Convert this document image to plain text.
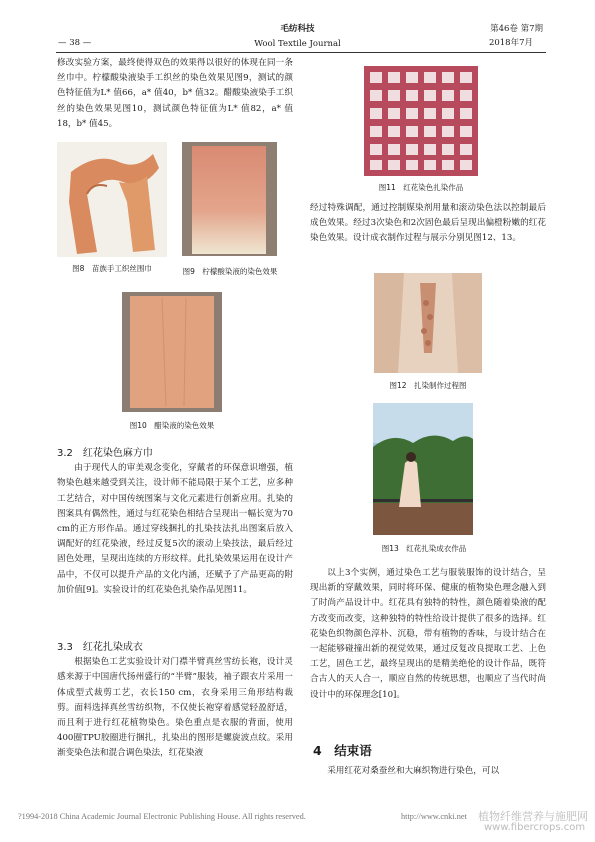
毛纺科技
— 38 —	Wool Textile Journal
第46卷 第7期
2018年7月

修改实验方案，最终使得双色的效果得以很好的体现在同一条丝巾中。柠檬酸染液染手工织丝的染色效果见图9，测试的颜色特征值为L* 值66，a* 值40，b* 值32。醋酸染液染手工织丝的染色效果见图10，测试颜色特征值为L* 值82，a* 值18，b* 值45。

图8　苗族手工织丝围巾	图9　柠檬酸染液的染色效果
图10　醋染液的染色效果

3.2　 红花染色麻方巾

由于现代人的审美观念变化，穿戴者的环保意识增强，植物染色越来越受到关注，设计师不能局限于某个工艺，应多种工艺结合，对中国传统图案与文化元素进行创新应用。扎染的图案具有偶然性，通过与红花染色相结合呈现出一幅长宽为70 cm的正方形作品。通过穿线捆扎的扎染技法扎出图案后放入调配好的红花染液，经过反复5次的滚动上染技法，最后经过固色处理，呈现出连续的方形纹样。此扎染效果运用在设计产品中，不仅可以提升产品的文化内涵，还赋予了产品更高的附加价值[9]。实验设计的红花染色扎染作品见图11。

3.3　 红花扎染成衣

根据染色工艺实验设计对门襟半臂真丝雪纺长袍，设计灵感来源于中国唐代扬州盛行的“半臂”服装，袖子跟衣片采用一体成型式裁剪工艺，衣长150 cm，衣身采用三角形结构裁剪。面料选择真丝雪纺织物，不仅使长袍穿着感觉轻盈舒适，而且利于进行红花植物染色。染色重点是衣服的背面，使用400圈TPU胶圈进行捆扎，扎染出的图形是螺旋波点纹。采用渐变染色法和混合调色染法，红花染液

图11　红花染色扎染作品

经过特殊调配，通过控制媒染剂用量和滚动染色法以控制最后成色效果。经过3次染色和2次固色最后呈现出偏橙粉嫩的红花染色效果。设计成衣制作过程与展示分别见图12、13。

图12　扎染制作过程图
图13　红花扎染成衣作品

以上3个实例，通过染色工艺与服装服饰的设计结合，呈现出新的穿戴效果，同时将环保、健康的植物染色理念融入到了时尚产品设计中。红花具有独特的特性，颜色随着染液的配方改变而改变，这种独特的特性给设计提供了很多的选择。红花染色织物颜色淳朴、沉稳，带有植物的香味，与设计结合在一起能够碰撞出新的视觉效果，通过反复改良提取工艺、上色工艺，固色工艺，最终呈现出的是精美绝伦的设计作品，既符合古人的天人合一，顺应自然的传统思想，也顺应了当代时尚设计中的环保理念[10]。

4　 结束语

采用红花对桑蚕丝和大麻织物进行染色，可以

?1994-2018 China Academic Journal Electronic Publishing House. All rights reserved.	http://www.cnki.net 植物纤维营养与施肥网
www.fibercrops.com
